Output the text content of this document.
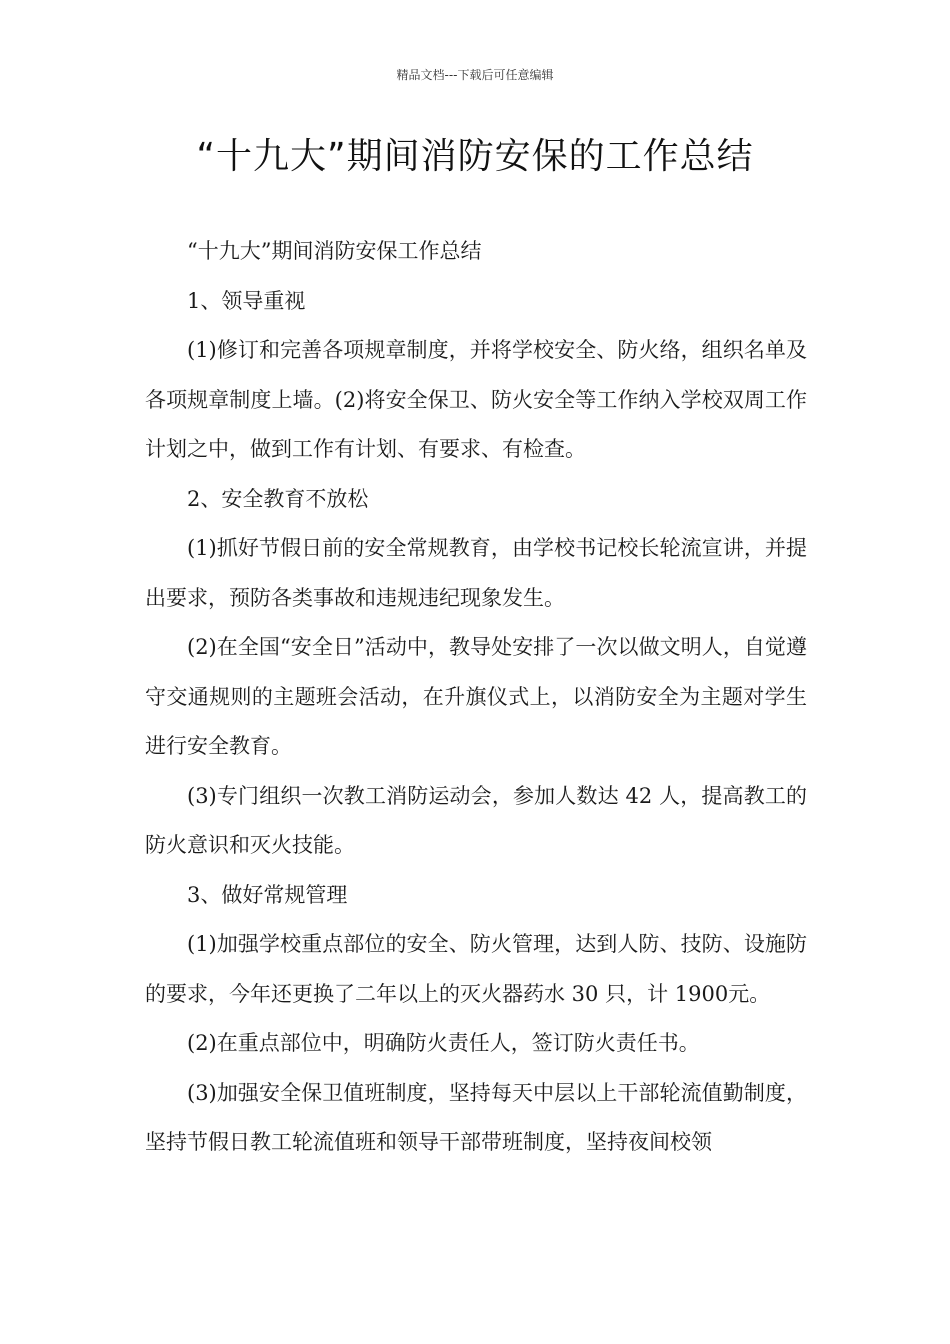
精品文档---下载后可任意编辑
“十九大”期间消防安保的工作总结

“十九大”期间消防安保工作总结

1、领导重视

(1)修订和完善各项规章制度，并将学校安全、防火络，组织名单及各项规章制度上墙。(2)将安全保卫、防火安全等工作纳入学校双周工作计划之中，做到工作有计划、有要求、有检查。

2、安全教育不放松

(1)抓好节假日前的安全常规教育，由学校书记校长轮流宣讲，并提出要求，预防各类事故和违规违纪现象发生。

(2)在全国“安全日”活动中，教导处安排了一次以做文明人，自觉遵守交通规则的主题班会活动，在升旗仪式上，以消防安全为主题对学生进行安全教育。

(3)专门组织一次教工消防运动会，参加人数达 42 人，提高教工的防火意识和灭火技能。

3、做好常规管理

(1)加强学校重点部位的安全、防火管理，达到人防、技防、设施防的要求，今年还更换了二年以上的灭火器药水 30 只，计 1900元。

(2)在重点部位中，明确防火责任人，签订防火责任书。

(3)加强安全保卫值班制度，坚持每天中层以上干部轮流值勤制度，坚持节假日教工轮流值班和领导干部带班制度，坚持夜间校领
